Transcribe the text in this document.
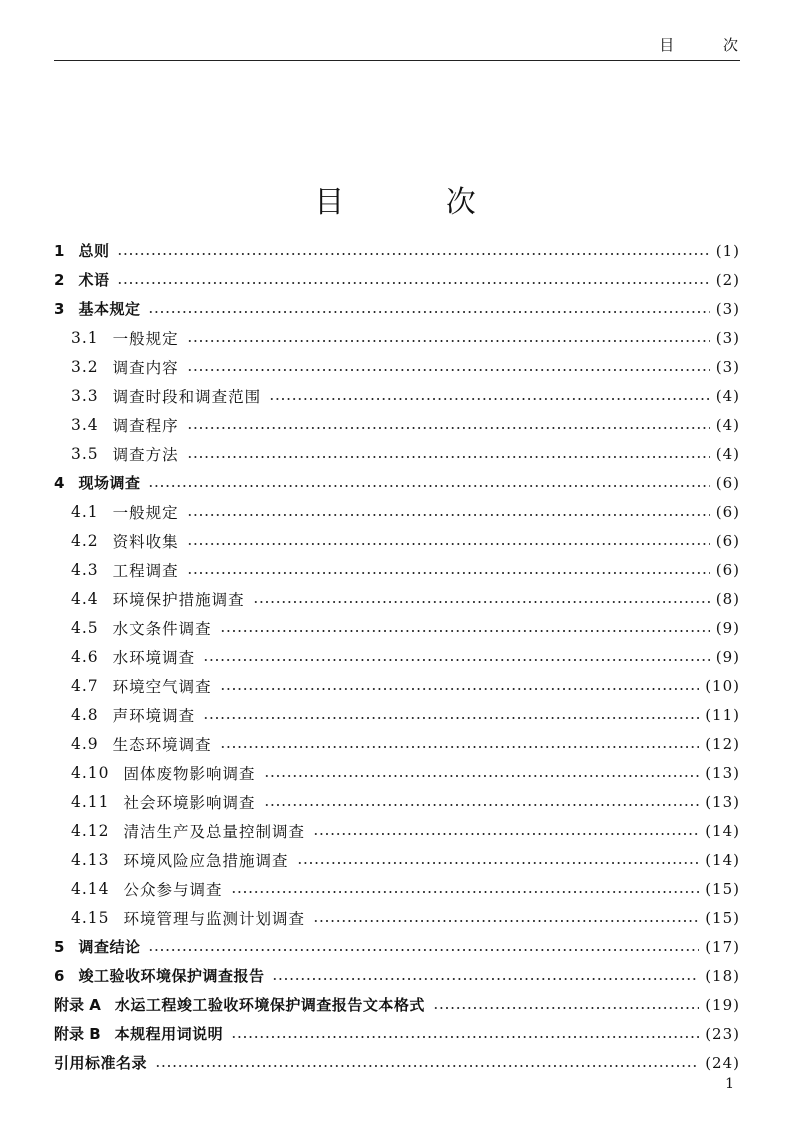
目 次
目 次
1 总则	(1)
2 术语	(2)
3 基本规定	(3)
3.1 一般规定	(3)
3.2 调查内容	(3)
3.3 调查时段和调查范围	(4)
3.4 调查程序	(4)
3.5 调查方法	(4)
4 现场调查	(6)
4.1 一般规定	(6)
4.2 资料收集	(6)
4.3 工程调查	(6)
4.4 环境保护措施调查	(8)
4.5 水文条件调查	(9)
4.6 水环境调查	(9)
4.7 环境空气调查	(10)
4.8 声环境调查	(11)
4.9 生态环境调查	(12)
4.10 固体废物影响调查	(13)
4.11 社会环境影响调查	(13)
4.12 清洁生产及总量控制调查	(14)
4.13 环境风险应急措施调查	(14)
4.14 公众参与调查	(15)
4.15 环境管理与监测计划调查	(15)
5 调查结论	(17)
6 竣工验收环境保护调查报告	(18)
附录 A 水运工程竣工验收环境保护调查报告文本格式	(19)
附录 B 本规程用词说明	(23)
引用标准名录	(24)
1
